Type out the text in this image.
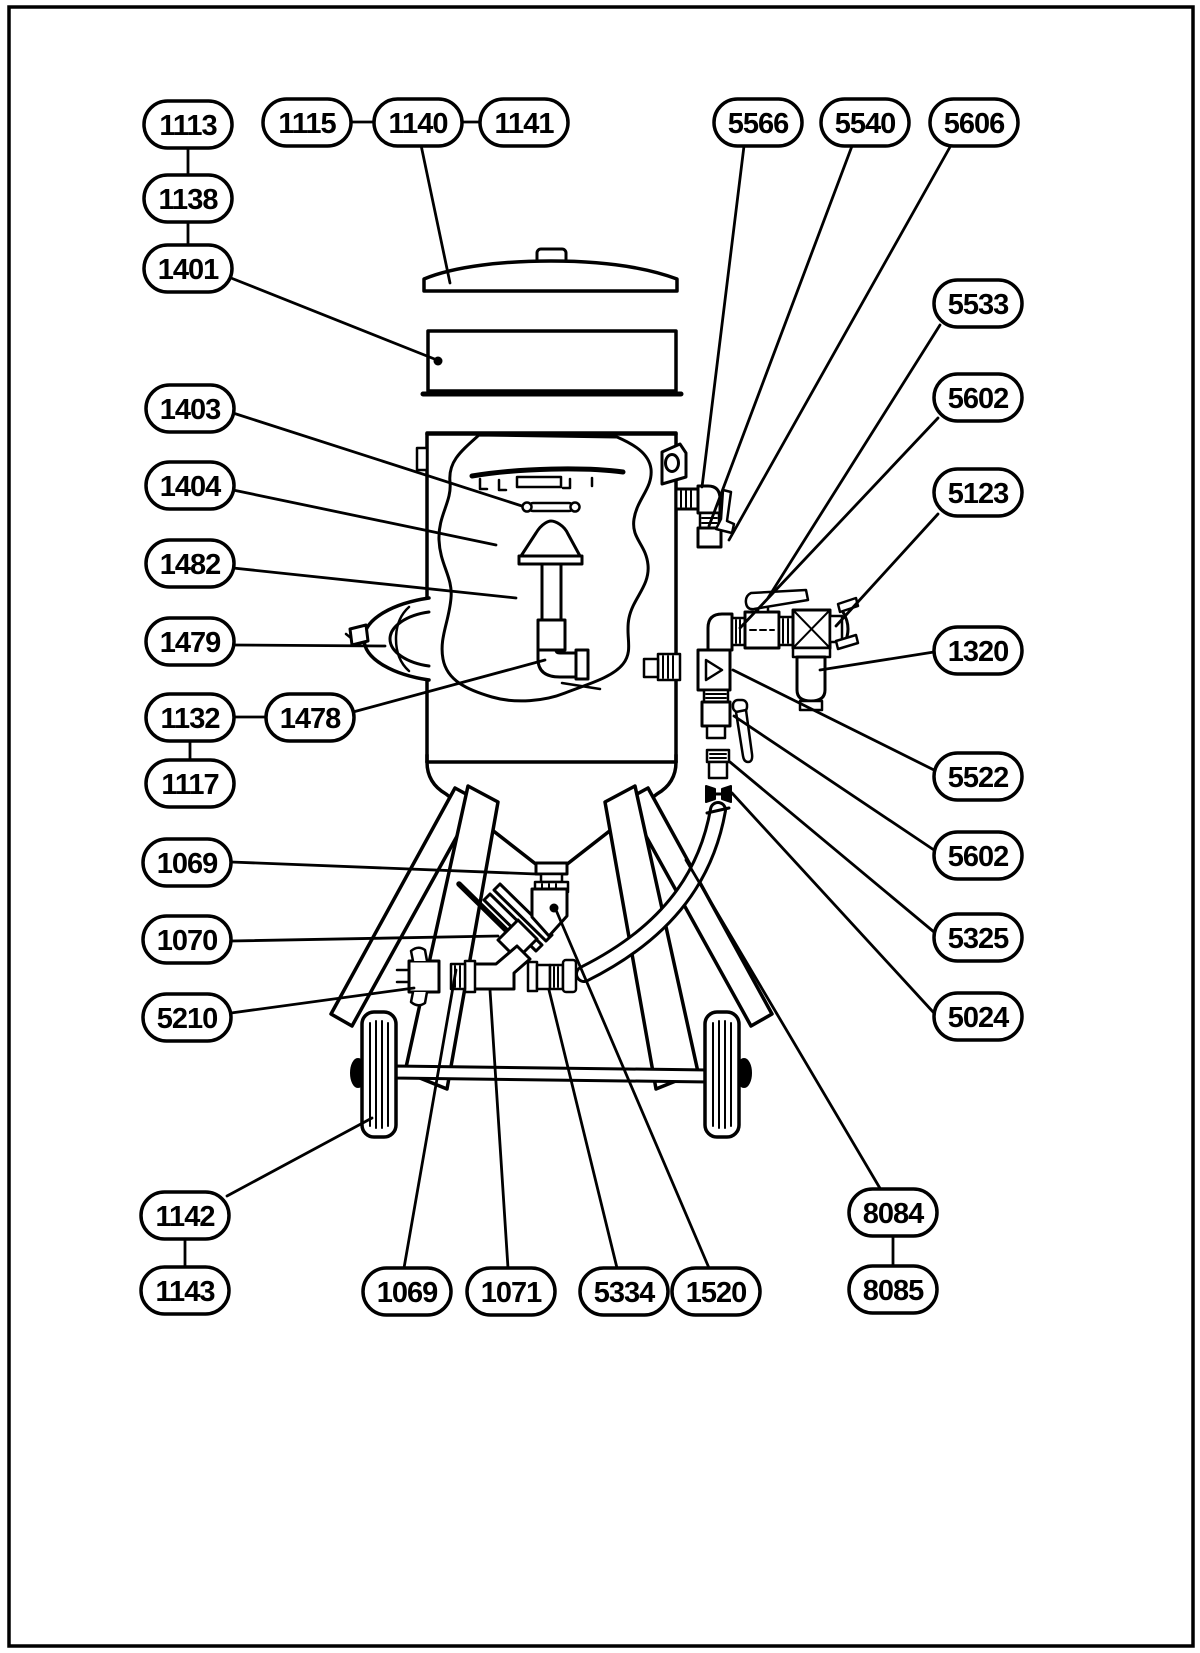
1113
1138
1401
1115 1140 1141	5566 5540 5606
5533
5602
5123
1320
5522
5602
5325
5024
8084
8085
1403
1404
1482
1479
1132 1478
1117
1069
1070
5210
1142
1143	1069 1071 5334 1520
